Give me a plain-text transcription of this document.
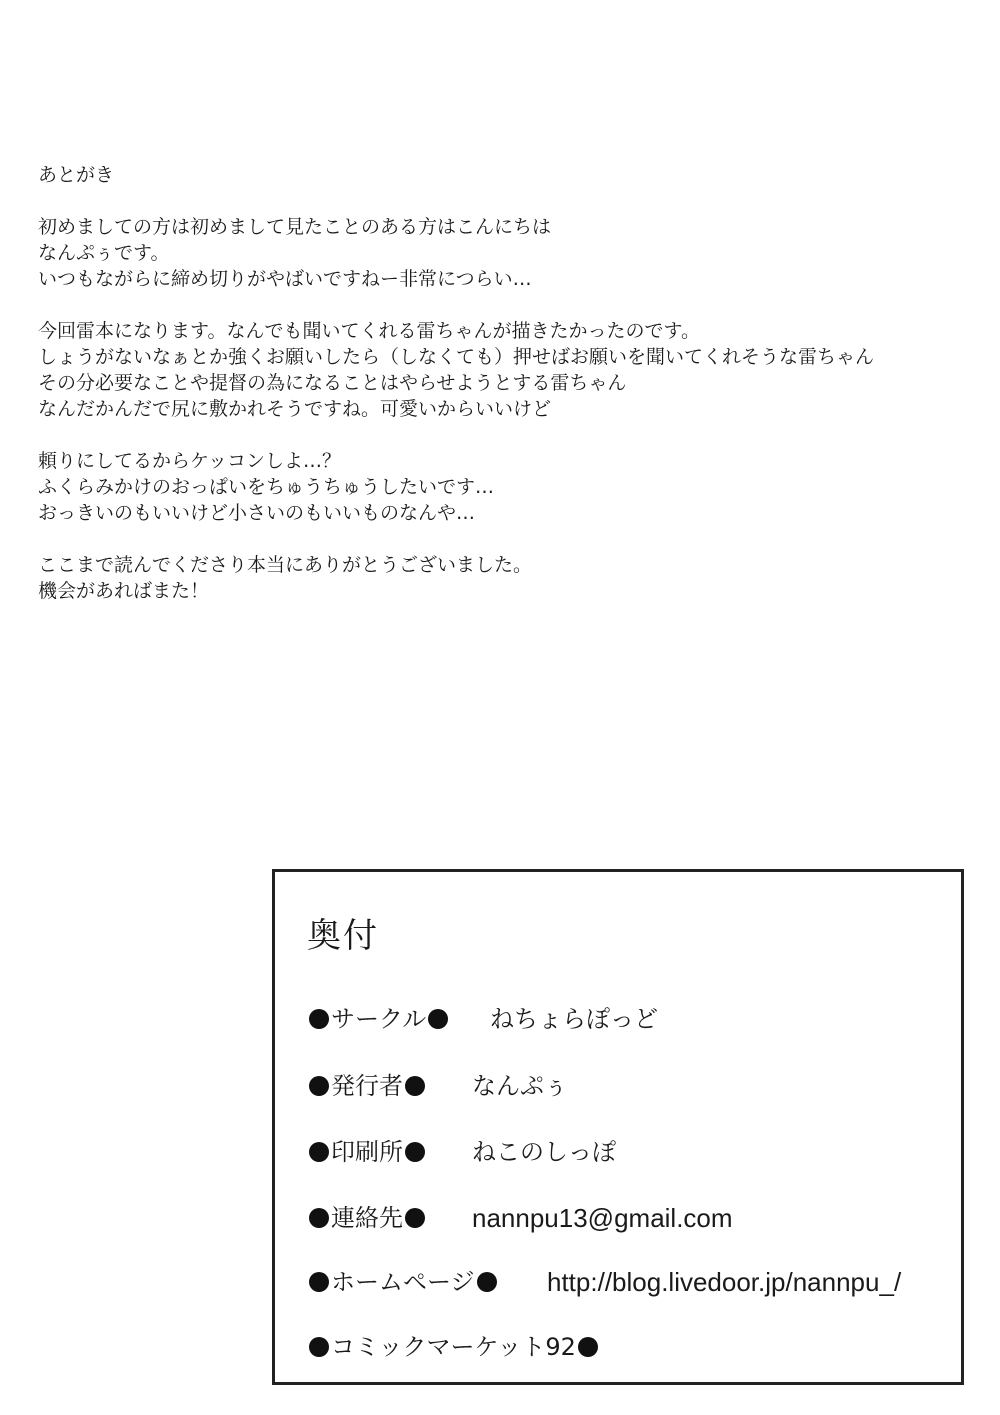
あとがき
初めましての方は初めまして見たことのある方はこんにちは
なんぷぅです。
いつもながらに締め切りがやばいですねー非常につらい…
今回雷本になります。なんでも聞いてくれる雷ちゃんが描きたかったのです。
しょうがないなぁとか強くお願いしたら（しなくても）押せばお願いを聞いてくれそうな雷ちゃん
その分必要なことや提督の為になることはやらせようとする雷ちゃん
なんだかんだで尻に敷かれそうですね。可愛いからいいけど
頼りにしてるからケッコンしよ…？
ふくらみかけのおっぱいをちゅうちゅうしたいです…
おっきいのもいいけど小さいのもいいものなんや…
ここまで読んでくださり本当にありがとうございました。
機会があればまた！
奥付
サークル	ねちょらぽっど
発行者	なんぷぅ
印刷所	ねこのしっぽ
連絡先	nannpu13@gmail.com
ホームページ	http://blog.livedoor.jp/nannpu_/
コミックマーケット92
